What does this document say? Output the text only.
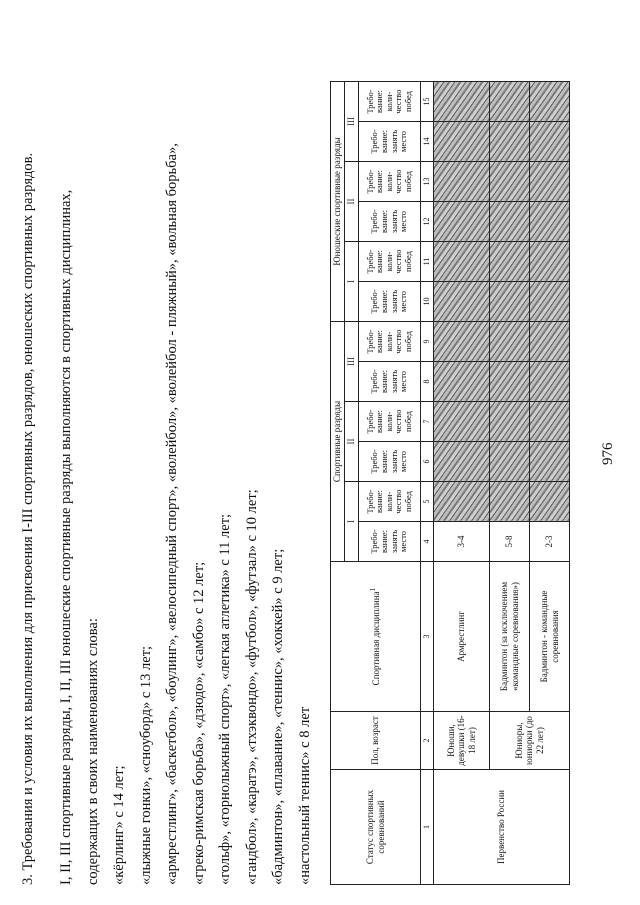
976
3. Требования и условия их выполнения для присвоения I-III спортивных разрядов, юношеских спортивных разрядов. I, II, III спортивные разряды, I, II, III юношеские спортивные разряды выполняются в спортивных дисциплинах, содержащих в своих наименованиях слова: «кёрлинг» с 14 лет; «лыжные гонки», «сноуборд» с 13 лет; «армрестлинг», «баскетбол», «боулинг», «велосипедный спорт», «волейбол», «волейбол - пляжный», «вольная борьба», «греко-римская борьба», «дзюдо», «самбо» с 12 лет; «гольф», «горнолыжный спорт», «легкая атлетика» с 11 лет; «гандбол», «каратэ», «тхэквондо», «футбол», «футзал» с 10 лет; «бадминтон», «плавание», «теннис», «хоккей» с 9 лет; «настольный теннис» с 8 лет	Статус спортивных соревнований	Пол, возраст	Спортивная дисциплина$^1$	Спортивные разряды						Юношеские спортивные разряды					
			I		II		III		I		II		III	
			Требо-вание: занять место	Требо-вание: коли-чество побед	Требо-вание: занять место	Требо-вание: коли-чество побед	Требо-вание: занять место	Требо-вание: коли-чество побед	Требо-вание: занять место	Требо-вание: коли-чество побед	Требо-вание: занять место	Требо-вание: коли-чество побед	Требо-вание: занять место	Требо-вание: коли-чество побед
1	2	3	4	5	6	7	8	9	10	11	12	13	14	15
Первенство России	Юноши, девушки (16-18 лет)	Армрестлинг	3-4											
	Юниоры, юниорки (до 22 лет)	Бадминтон (за исключением «командные соревнования»)	5-8											
		Бадминтон - командные соревнования	2-3											
